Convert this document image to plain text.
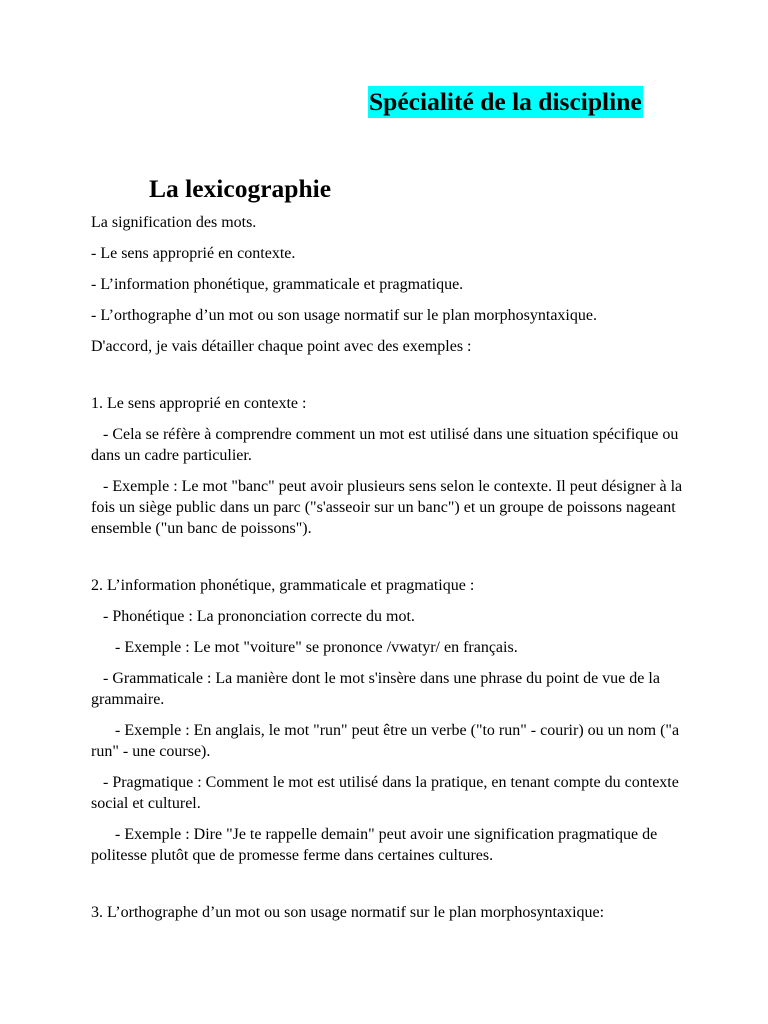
Spécialité de la discipline
La lexicographie
La signification des mots.
- Le sens approprié en contexte.
- L’information phonétique, grammaticale et pragmatique.
- L’orthographe d’un mot ou son usage normatif sur le plan morphosyntaxique.
D'accord, je vais détailler chaque point avec des exemples :
1. Le sens approprié en contexte :
- Cela se réfère à comprendre comment un mot est utilisé dans une situation spécifique ou dans un cadre particulier.
- Exemple : Le mot "banc" peut avoir plusieurs sens selon le contexte. Il peut désigner à la fois un siège public dans un parc ("s'asseoir sur un banc") et un groupe de poissons nageant ensemble ("un banc de poissons").
2. L’information phonétique, grammaticale et pragmatique :
- Phonétique : La prononciation correcte du mot.
- Exemple : Le mot "voiture" se prononce /vwatyr/ en français.
- Grammaticale : La manière dont le mot s'insère dans une phrase du point de vue de la grammaire.
- Exemple : En anglais, le mot "run" peut être un verbe ("to run" - courir) ou un nom ("a run" - une course).
- Pragmatique : Comment le mot est utilisé dans la pratique, en tenant compte du contexte social et culturel.
- Exemple : Dire "Je te rappelle demain" peut avoir une signification pragmatique de politesse plutôt que de promesse ferme dans certaines cultures.
3. L’orthographe d’un mot ou son usage normatif sur le plan morphosyntaxique:
